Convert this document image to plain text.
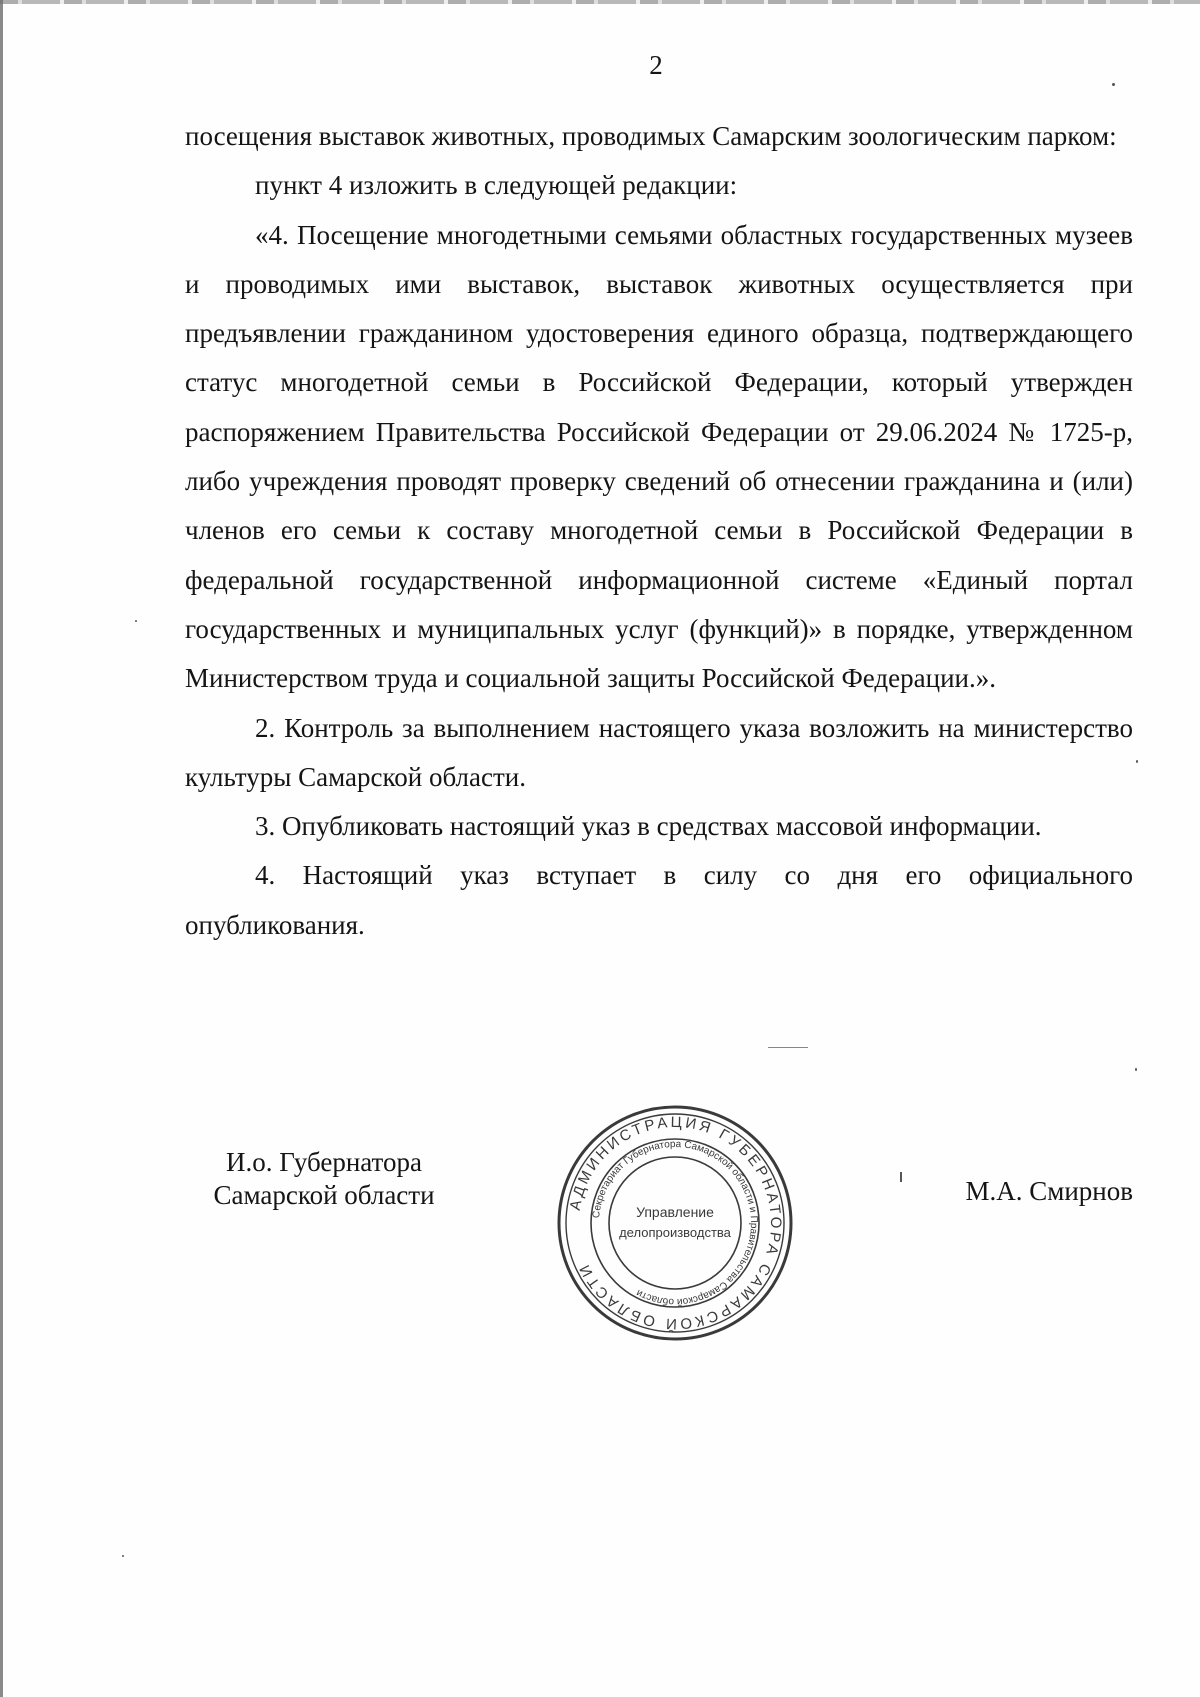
2

посещения выставок животных, проводимых Самарским зоологическим парком:

пункт 4 изложить в следующей редакции:

«4. Посещение многодетными семьями областных государственных музеев и проводимых ими выставок, выставок животных осуществляется при предъявлении гражданином удостоверения единого образца, подтверждающего статус многодетной семьи в Российской Федерации, который утвержден распоряжением Правительства Российской Федерации от 29.06.2024 № 1725-р, либо учреждения проводят проверку сведений об отнесении гражданина и (или) членов его семьи к составу многодетной семьи в Российской Федерации в федеральной государственной информационной системе «Единый портал государственных и муниципальных услуг (функций)» в порядке, утвержденном Министерством труда и социальной защиты Российской Федерации.».

2. Контроль за выполнением настоящего указа возложить на министерство культуры Самарской области.

3. Опубликовать настоящий указ в средствах массовой информации.

4. Настоящий указ вступает в силу со дня его официального опубликования.

И.о. Губернатора
Самарской области	АДМИНИСТРАЦИЯ ГУБЕРНАТОРА САМАРСКОЙ ОБЛАСТИ
Секретариат Губернатора Самарской области и Правительства Самарской области
Управление
делопроизводства
М.А. Смирнов
